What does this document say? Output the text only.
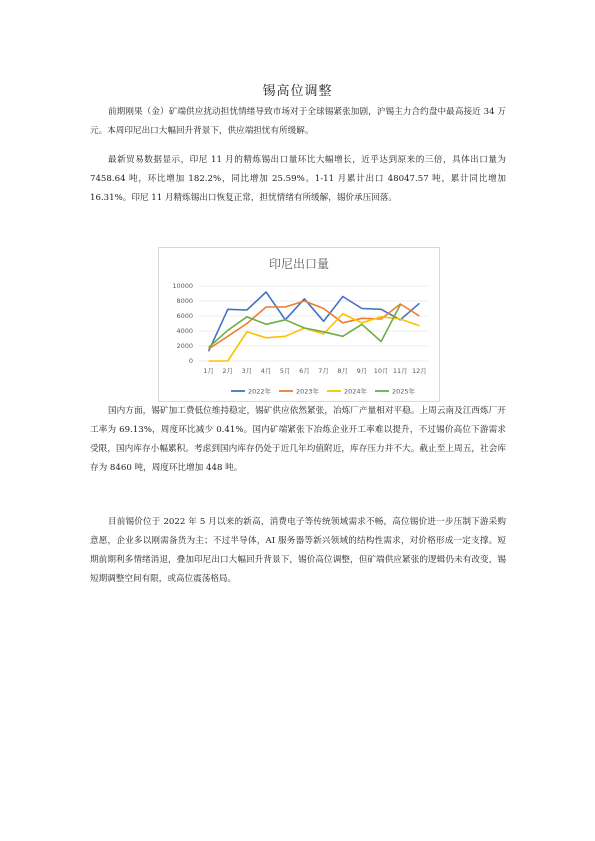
锡高位调整

前期刚果（金）矿端供应扰动担忧情绪导致市场对于全球锡紧张加剧，沪锡主力合约盘中最高接近 34 万元。本周印尼出口大幅回升背景下，供应端担忧有所缓解。

最新贸易数据显示，印尼 11 月的精炼锡出口量环比大幅增长，近乎达到原来的三倍，具体出口量为 7458.64 吨，环比增加 182.2%，同比增加 25.59%。1-11 月累计出口 48047.57 吨，累计同比增加 16.31%。印尼 11 月精炼锡出口恢复正常，担忧情绪有所缓解，锡价承压回落。

印尼出口量
0
2000
4000
6000
8000
10000
1月 2月 3月 4月 5月 6月 7月 8月 9月 10月 11月 12月
2022年	2023年	2024年	2025年

国内方面，锡矿加工费低位维持稳定，锡矿供应依然紧张，冶炼厂产量相对平稳。上周云南及江西炼厂开工率为 69.13%，周度环比减少 0.41%。国内矿端紧张下冶炼企业开工率难以提升，不过锡价高位下游需求受限，国内库存小幅累积。考虑到国内库存仍处于近几年均值附近，库存压力并不大。截止至上周五，社会库存为 8460 吨，周度环比增加 448 吨。

目前锡价位于 2022 年 5 月以来的新高，消费电子等传统领域需求不畅，高位锡价进一步压制下游采购意愿，企业多以刚需备货为主；不过半导体，AI 服务器等新兴领域的结构性需求，对价格形成一定支撑。短期前期利多情绪消退，叠加印尼出口大幅回升背景下，锡价高位调整，但矿端供应紧张的逻辑仍未有改变，锡短期调整空间有限，或高位震荡格局。
